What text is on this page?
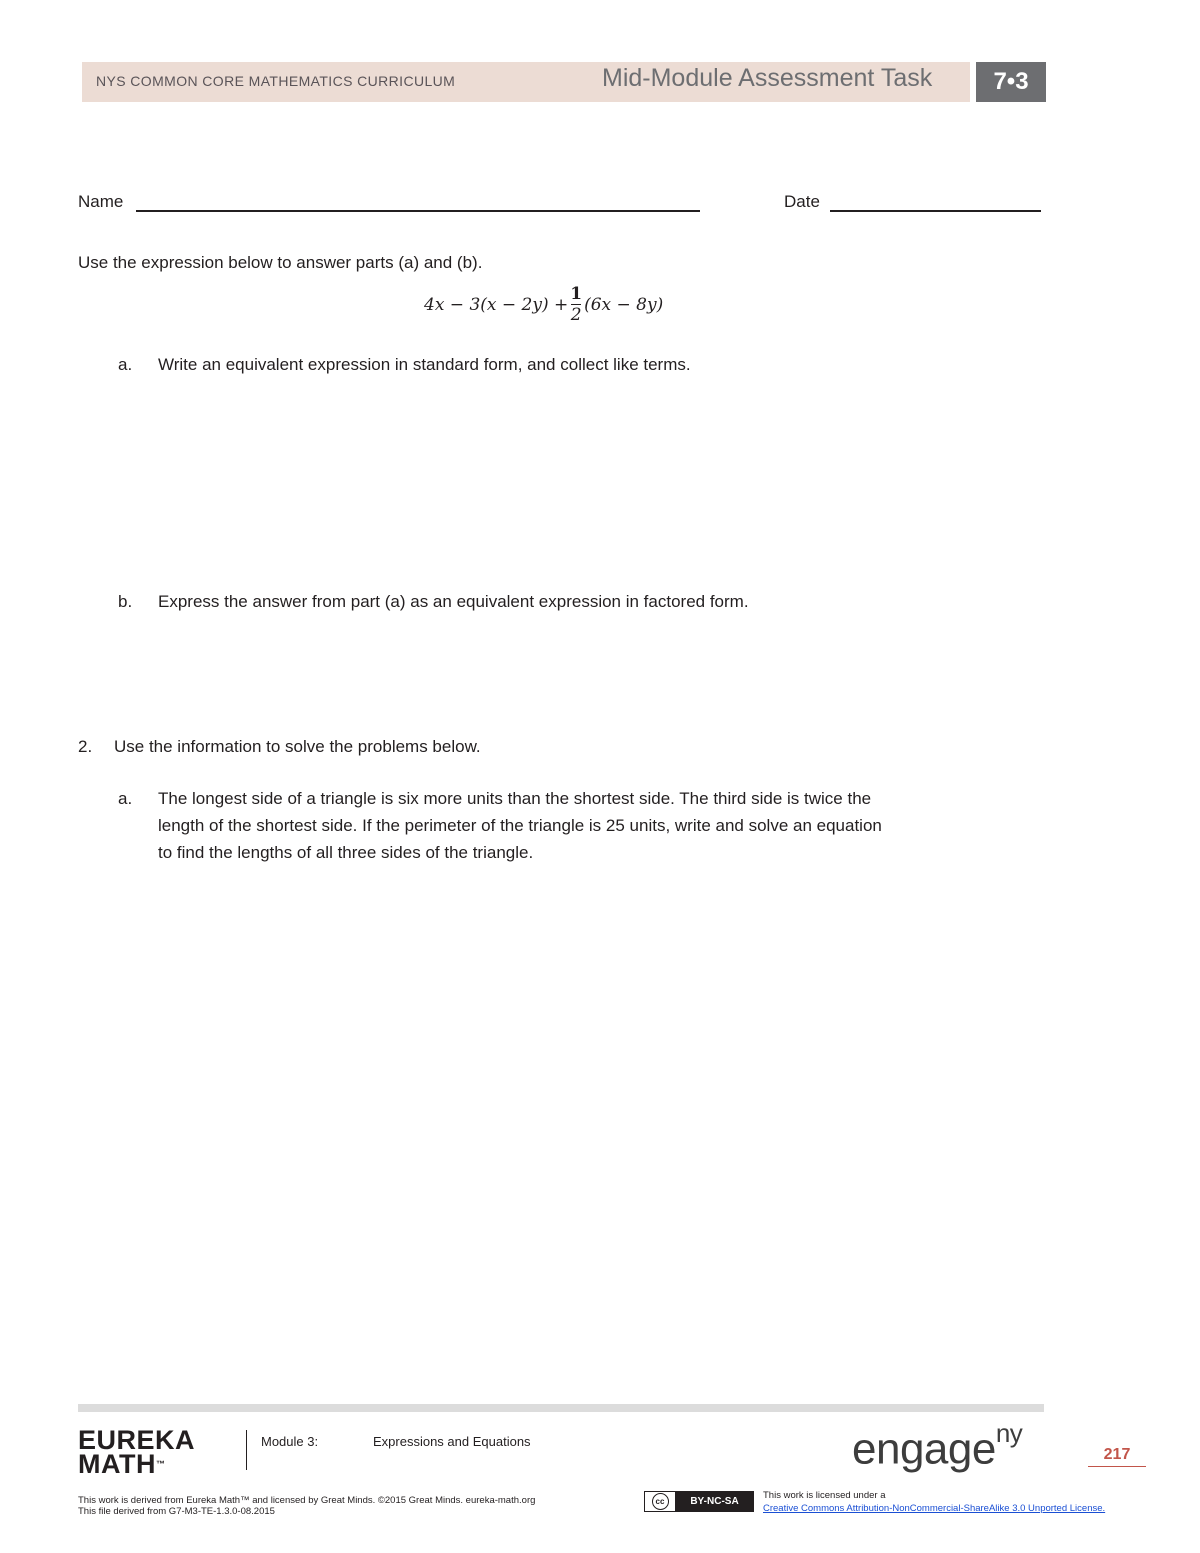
NYS COMMON CORE MATHEMATICS CURRICULUM	Mid-Module Assessment Task	7•3
Name	Date
Use the expression below to answer parts (a) and (b).
$4x - 3(x - 2y) + \frac{1}{2} (6x - 8y)$
a. Write an equivalent expression in standard form, and collect like terms.
b. Express the answer from part (a) as an equivalent expression in factored form.
2. Use the information to solve the problems below.
a. The longest side of a triangle is six more units than the shortest side. The third side is twice the
length of the shortest side. If the perimeter of the triangle is 25 units, write and solve an equation
to find the lengths of all three sides of the triangle.
EUREKA
MATH™
Module 3:	Expressions and Equations	engage$^{ny}$
217
This work is derived from Eureka Math™ and licensed by Great Minds. ©2015 Great Minds. eureka-math.org
This file derived from G7-M3-TE-1.3.0-08.2015
cc	BY-NC-SA
This work is licensed under a
Creative Commons Attribution-NonCommercial-ShareAlike 3.0 Unported License.
